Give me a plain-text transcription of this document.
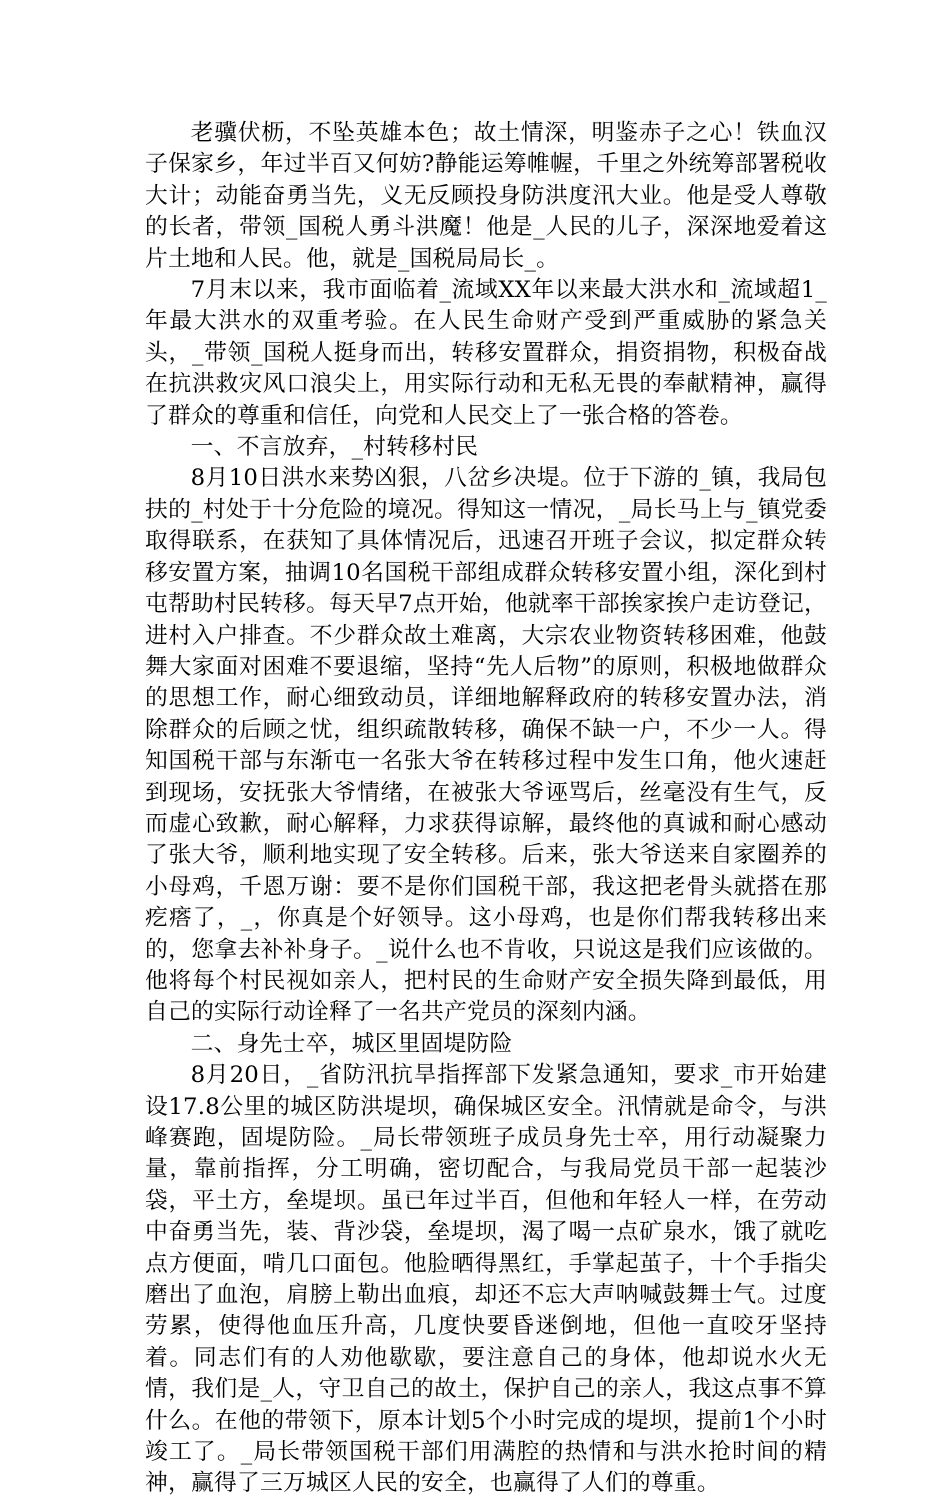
老骥伏枥，不坠英雄本色；故土情深，明鉴赤子之心！铁血汉子保家乡，年过半百又何妨?静能运筹帷幄，千里之外统筹部署税收大计；动能奋勇当先，义无反顾投身防洪度汛大业。他是受人尊敬的长者，带领_国税人勇斗洪魔！他是_人民的儿子，深深地爱着这片土地和人民。他，就是_国税局局长_。

7月末以来，我市面临着_流域XX年以来最大洪水和_流域超1_年最大洪水的双重考验。在人民生命财产受到严重威胁的紧急关头，_带领_国税人挺身而出，转移安置群众，捐资捐物，积极奋战在抗洪救灾风口浪尖上，用实际行动和无私无畏的奉献精神，赢得了群众的尊重和信任，向党和人民交上了一张合格的答卷。

一、不言放弃，_村转移村民

8月10日洪水来势凶狠，八岔乡决堤。位于下游的_镇，我局包扶的_村处于十分危险的境况。得知这一情况，_局长马上与_镇党委取得联系，在获知了具体情况后，迅速召开班子会议，拟定群众转移安置方案，抽调10名国税干部组成群众转移安置小组，深化到村屯帮助村民转移。每天早7点开始，他就率干部挨家挨户走访登记，进村入户排查。不少群众故土难离，大宗农业物资转移困难，他鼓舞大家面对困难不要退缩，坚持“先人后物”的原则，积极地做群众的思想工作，耐心细致动员，详细地解释政府的转移安置办法，消除群众的后顾之忧，组织疏散转移，确保不缺一户，不少一人。得知国税干部与东渐屯一名张大爷在转移过程中发生口角，他火速赶到现场，安抚张大爷情绪，在被张大爷诬骂后，丝毫没有生气，反而虚心致歉，耐心解释，力求获得谅解，最终他的真诚和耐心感动了张大爷，顺利地实现了安全转移。后来，张大爷送来自家圈养的小母鸡，千恩万谢：要不是你们国税干部，我这把老骨头就搭在那疙瘩了，_，你真是个好领导。这小母鸡，也是你们帮我转移出来的，您拿去补补身子。_说什么也不肯收，只说这是我们应该做的。他将每个村民视如亲人，把村民的生命财产安全损失降到最低，用自己的实际行动诠释了一名共产党员的深刻内涵。

二、身先士卒，城区里固堤防险

8月20日，_省防汛抗旱指挥部下发紧急通知，要求_市开始建设17.8公里的城区防洪堤坝，确保城区安全。汛情就是命令，与洪峰赛跑，固堤防险。_局长带领班子成员身先士卒，用行动凝聚力量，靠前指挥，分工明确，密切配合，与我局党员干部一起装沙袋，平土方，垒堤坝。虽已年过半百，但他和年轻人一样，在劳动中奋勇当先，装、背沙袋，垒堤坝，渴了喝一点矿泉水，饿了就吃点方便面，啃几口面包。他脸晒得黑红，手掌起茧子，十个手指尖磨出了血泡，肩膀上勒出血痕，却还不忘大声呐喊鼓舞士气。过度劳累，使得他血压升高，几度快要昏迷倒地，但他一直咬牙坚持着。同志们有的人劝他歇歇，要注意自己的身体，他却说水火无情，我们是_人，守卫自己的故土，保护自己的亲人，我这点事不算什么。在他的带领下，原本计划5个小时完成的堤坝，提前1个小时竣工了。_局长带领国税干部们用满腔的热情和与洪水抢时间的精神，赢得了三万城区人民的安全，也赢得了人们的尊重。
